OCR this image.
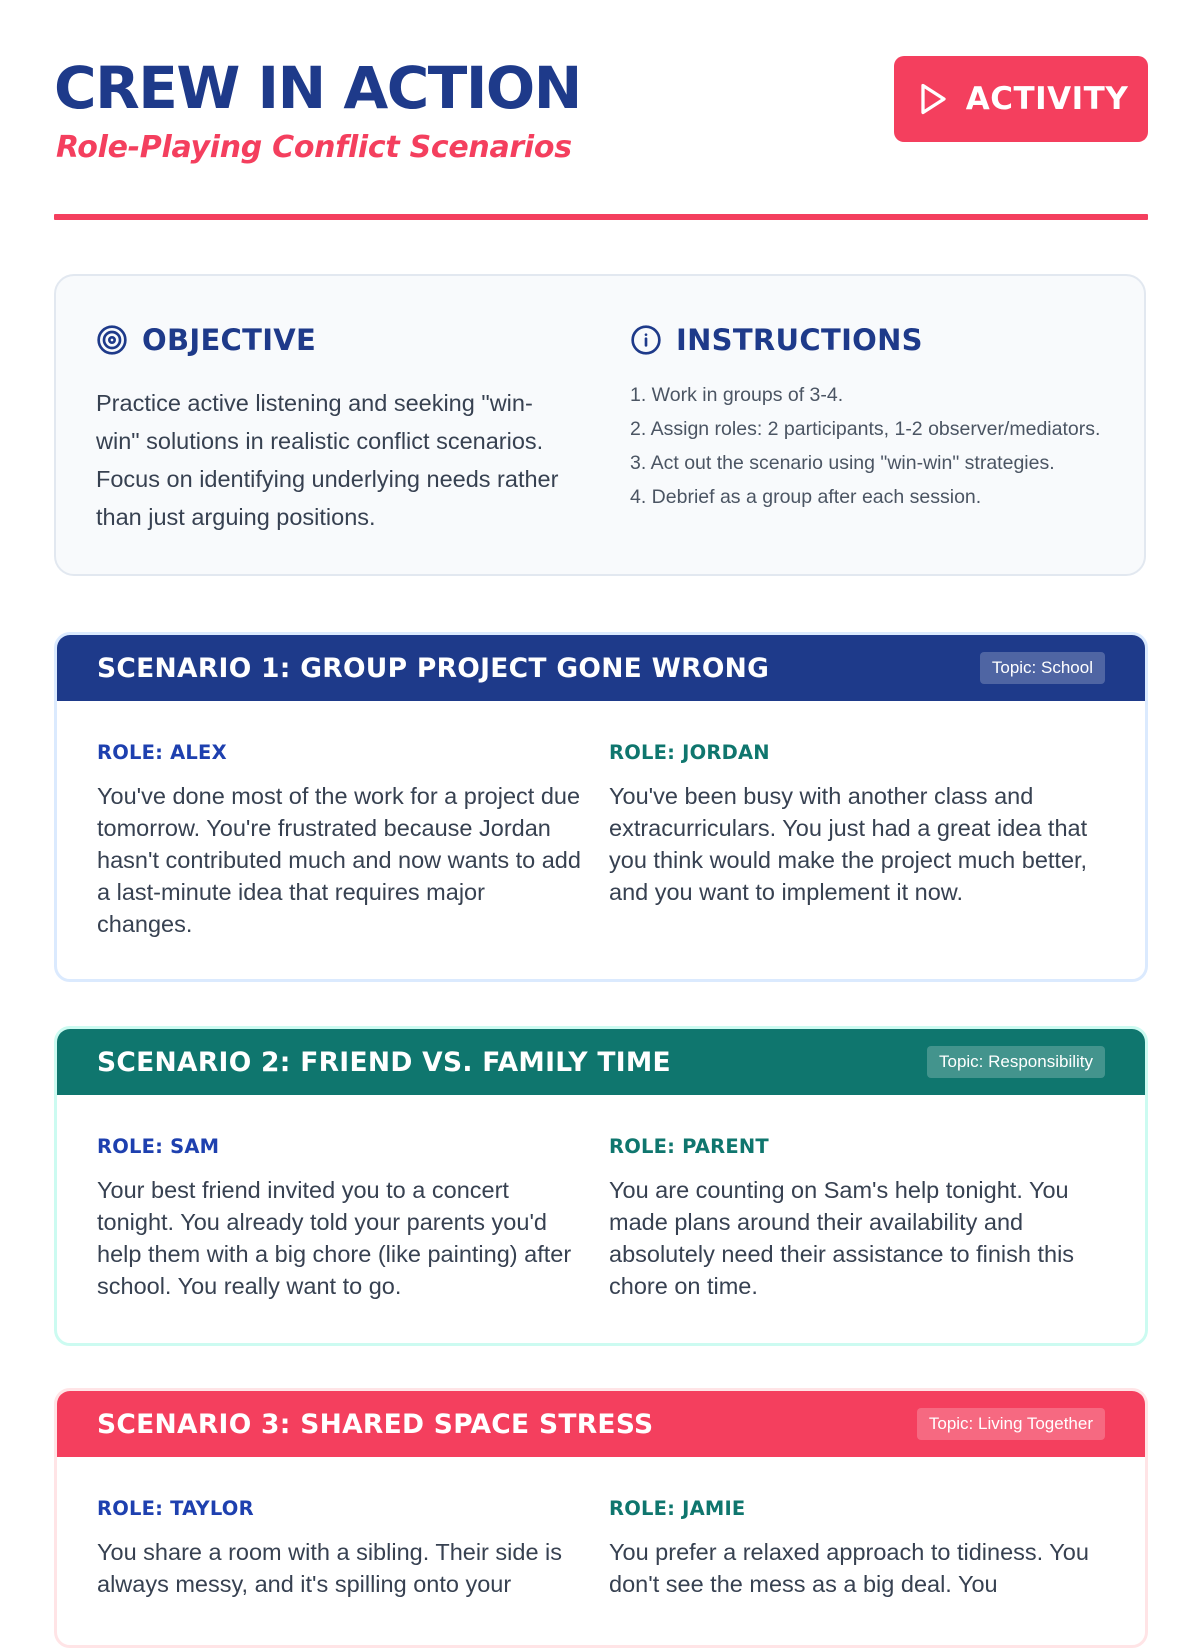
CREW IN ACTION
Role-Playing Conflict Scenarios
ACTIVITY
OBJECTIVE

Practice active listening and seeking "win-win" solutions in realistic conflict scenarios. Focus on identifying underlying needs rather than just arguing positions.

INSTRUCTIONS
1. Work in groups of 3-4.
2. Assign roles: 2 participants, 1-2 observer/mediators.
3. Act out the scenario using "win-win" strategies.
4. Debrief as a group after each session.
SCENARIO 1: GROUP PROJECT GONE WRONG	Topic: School

ROLE: ALEX

You've done most of the work for a project due tomorrow. You're frustrated because Jordan hasn't contributed much and now wants to add a last-minute idea that requires major changes.

ROLE: JORDAN

You've been busy with another class and extracurriculars. You just had a great idea that you think would make the project much better, and you want to implement it now.

SCENARIO 2: FRIEND VS. FAMILY TIME	Topic: Responsibility

ROLE: SAM

Your best friend invited you to a concert tonight. You already told your parents you'd help them with a big chore (like painting) after school. You really want to go.

ROLE: PARENT

You are counting on Sam's help tonight. You made plans around their availability and absolutely need their assistance to finish this chore on time.

SCENARIO 3: SHARED SPACE STRESS	Topic: Living Together

ROLE: TAYLOR

You share a room with a sibling. Their side is always messy, and it's spilling onto your

ROLE: JAMIE

You prefer a relaxed approach to tidiness. You don't see the mess as a big deal. You
